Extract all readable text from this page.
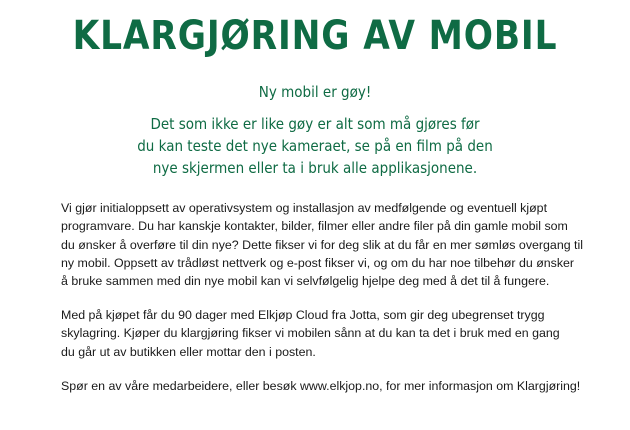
KLARGJØRING AV MOBIL

Ny mobil er gøy!

Det som ikke er like gøy er alt som må gjøres før
du kan teste det nye kameraet, se på en film på den
nye skjermen eller ta i bruk alle applikasjonene.

Vi gjør initialoppsett av operativsystem og installasjon av medfølgende og eventuell kjøpt
programvare. Du har kanskje kontakter, bilder, filmer eller andre filer på din gamle mobil som
du ønsker å overføre til din nye? Dette fikser vi for deg slik at du får en mer sømløs overgang til
ny mobil. Oppsett av trådløst nettverk og e-post fikser vi, og om du har noe tilbehør du ønsker
å bruke sammen med din nye mobil kan vi selvfølgelig hjelpe deg med å det til å fungere.

Med på kjøpet får du 90 dager med Elkjøp Cloud fra Jotta, som gir deg ubegrenset trygg
skylagring. Kjøper du klargjøring fikser vi mobilen sånn at du kan ta det i bruk med en gang
du går ut av butikken eller mottar den i posten.

Spør en av våre medarbeidere, eller besøk www.elkjop.no, for mer informasjon om Klargjøring!
